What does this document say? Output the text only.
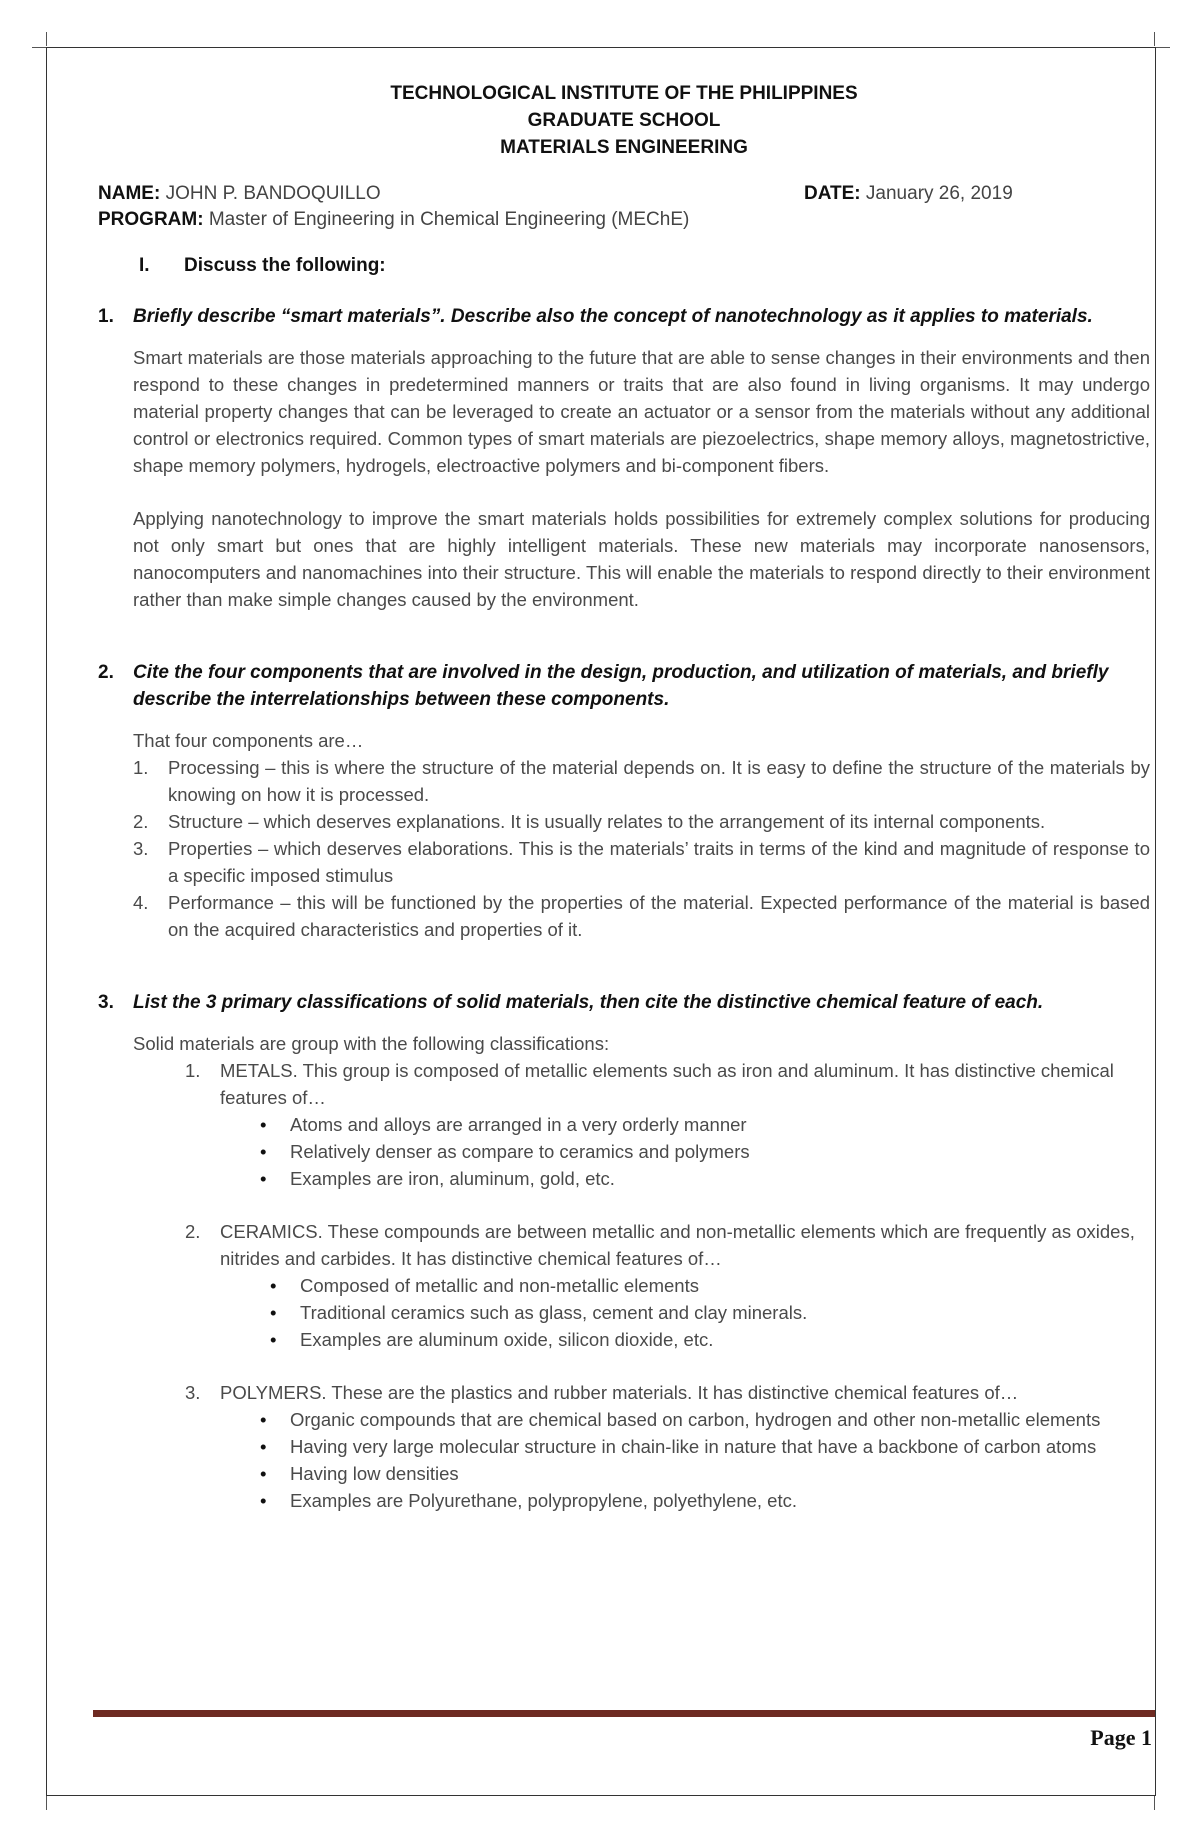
TECHNOLOGICAL INSTITUTE OF THE PHILIPPINES
GRADUATE SCHOOL
MATERIALS ENGINEERING
NAME: JOHN P. BANDOQUILLO	DATE: January 26, 2019
PROGRAM: Master of Engineering in Chemical Engineering (MEChE)
I. Discuss the following:
1. Briefly describe “smart materials”. Describe also the concept of nanotechnology as it applies to materials.
Smart materials are those materials approaching to the future that are able to sense changes in their environments and then respond to these changes in predetermined manners or traits that are also found in living organisms. It may undergo material property changes that can be leveraged to create an actuator or a sensor from the materials without any additional control or electronics required. Common types of smart materials are piezoelectrics, shape memory alloys, magnetostrictive, shape memory polymers, hydrogels, electroactive polymers and bi-component fibers.
Applying nanotechnology to improve the smart materials holds possibilities for extremely complex solutions for producing not only smart but ones that are highly intelligent materials. These new materials may incorporate nanosensors, nanocomputers and nanomachines into their structure. This will enable the materials to respond directly to their environment rather than make simple changes caused by the environment.
2. Cite the four components that are involved in the design, production, and utilization of materials, and briefly describe the interrelationships between these components.
That four components are…
1. Processing – this is where the structure of the material depends on. It is easy to define the structure of the materials by knowing on how it is processed.
2. Structure – which deserves explanations. It is usually relates to the arrangement of its internal components.
3. Properties – which deserves elaborations. This is the materials’ traits in terms of the kind and magnitude of response to a specific imposed stimulus
4. Performance – this will be functioned by the properties of the material. Expected performance of the material is based on the acquired characteristics and properties of it.
3. List the 3 primary classifications of solid materials, then cite the distinctive chemical feature of each.
Solid materials are group with the following classifications:
1. METALS. This group is composed of metallic elements such as iron and aluminum. It has distinctive chemical features of…
• Atoms and alloys are arranged in a very orderly manner
• Relatively denser as compare to ceramics and polymers
• Examples are iron, aluminum, gold, etc.
2. CERAMICS. These compounds are between metallic and non-metallic elements which are frequently as oxides, nitrides and carbides. It has distinctive chemical features of…
• Composed of metallic and non-metallic elements
• Traditional ceramics such as glass, cement and clay minerals.
• Examples are aluminum oxide, silicon dioxide, etc.
3. POLYMERS. These are the plastics and rubber materials. It has distinctive chemical features of…
• Organic compounds that are chemical based on carbon, hydrogen and other non-metallic elements
• Having very large molecular structure in chain-like in nature that have a backbone of carbon atoms
• Having low densities
• Examples are Polyurethane, polypropylene, polyethylene, etc.
Page 1
